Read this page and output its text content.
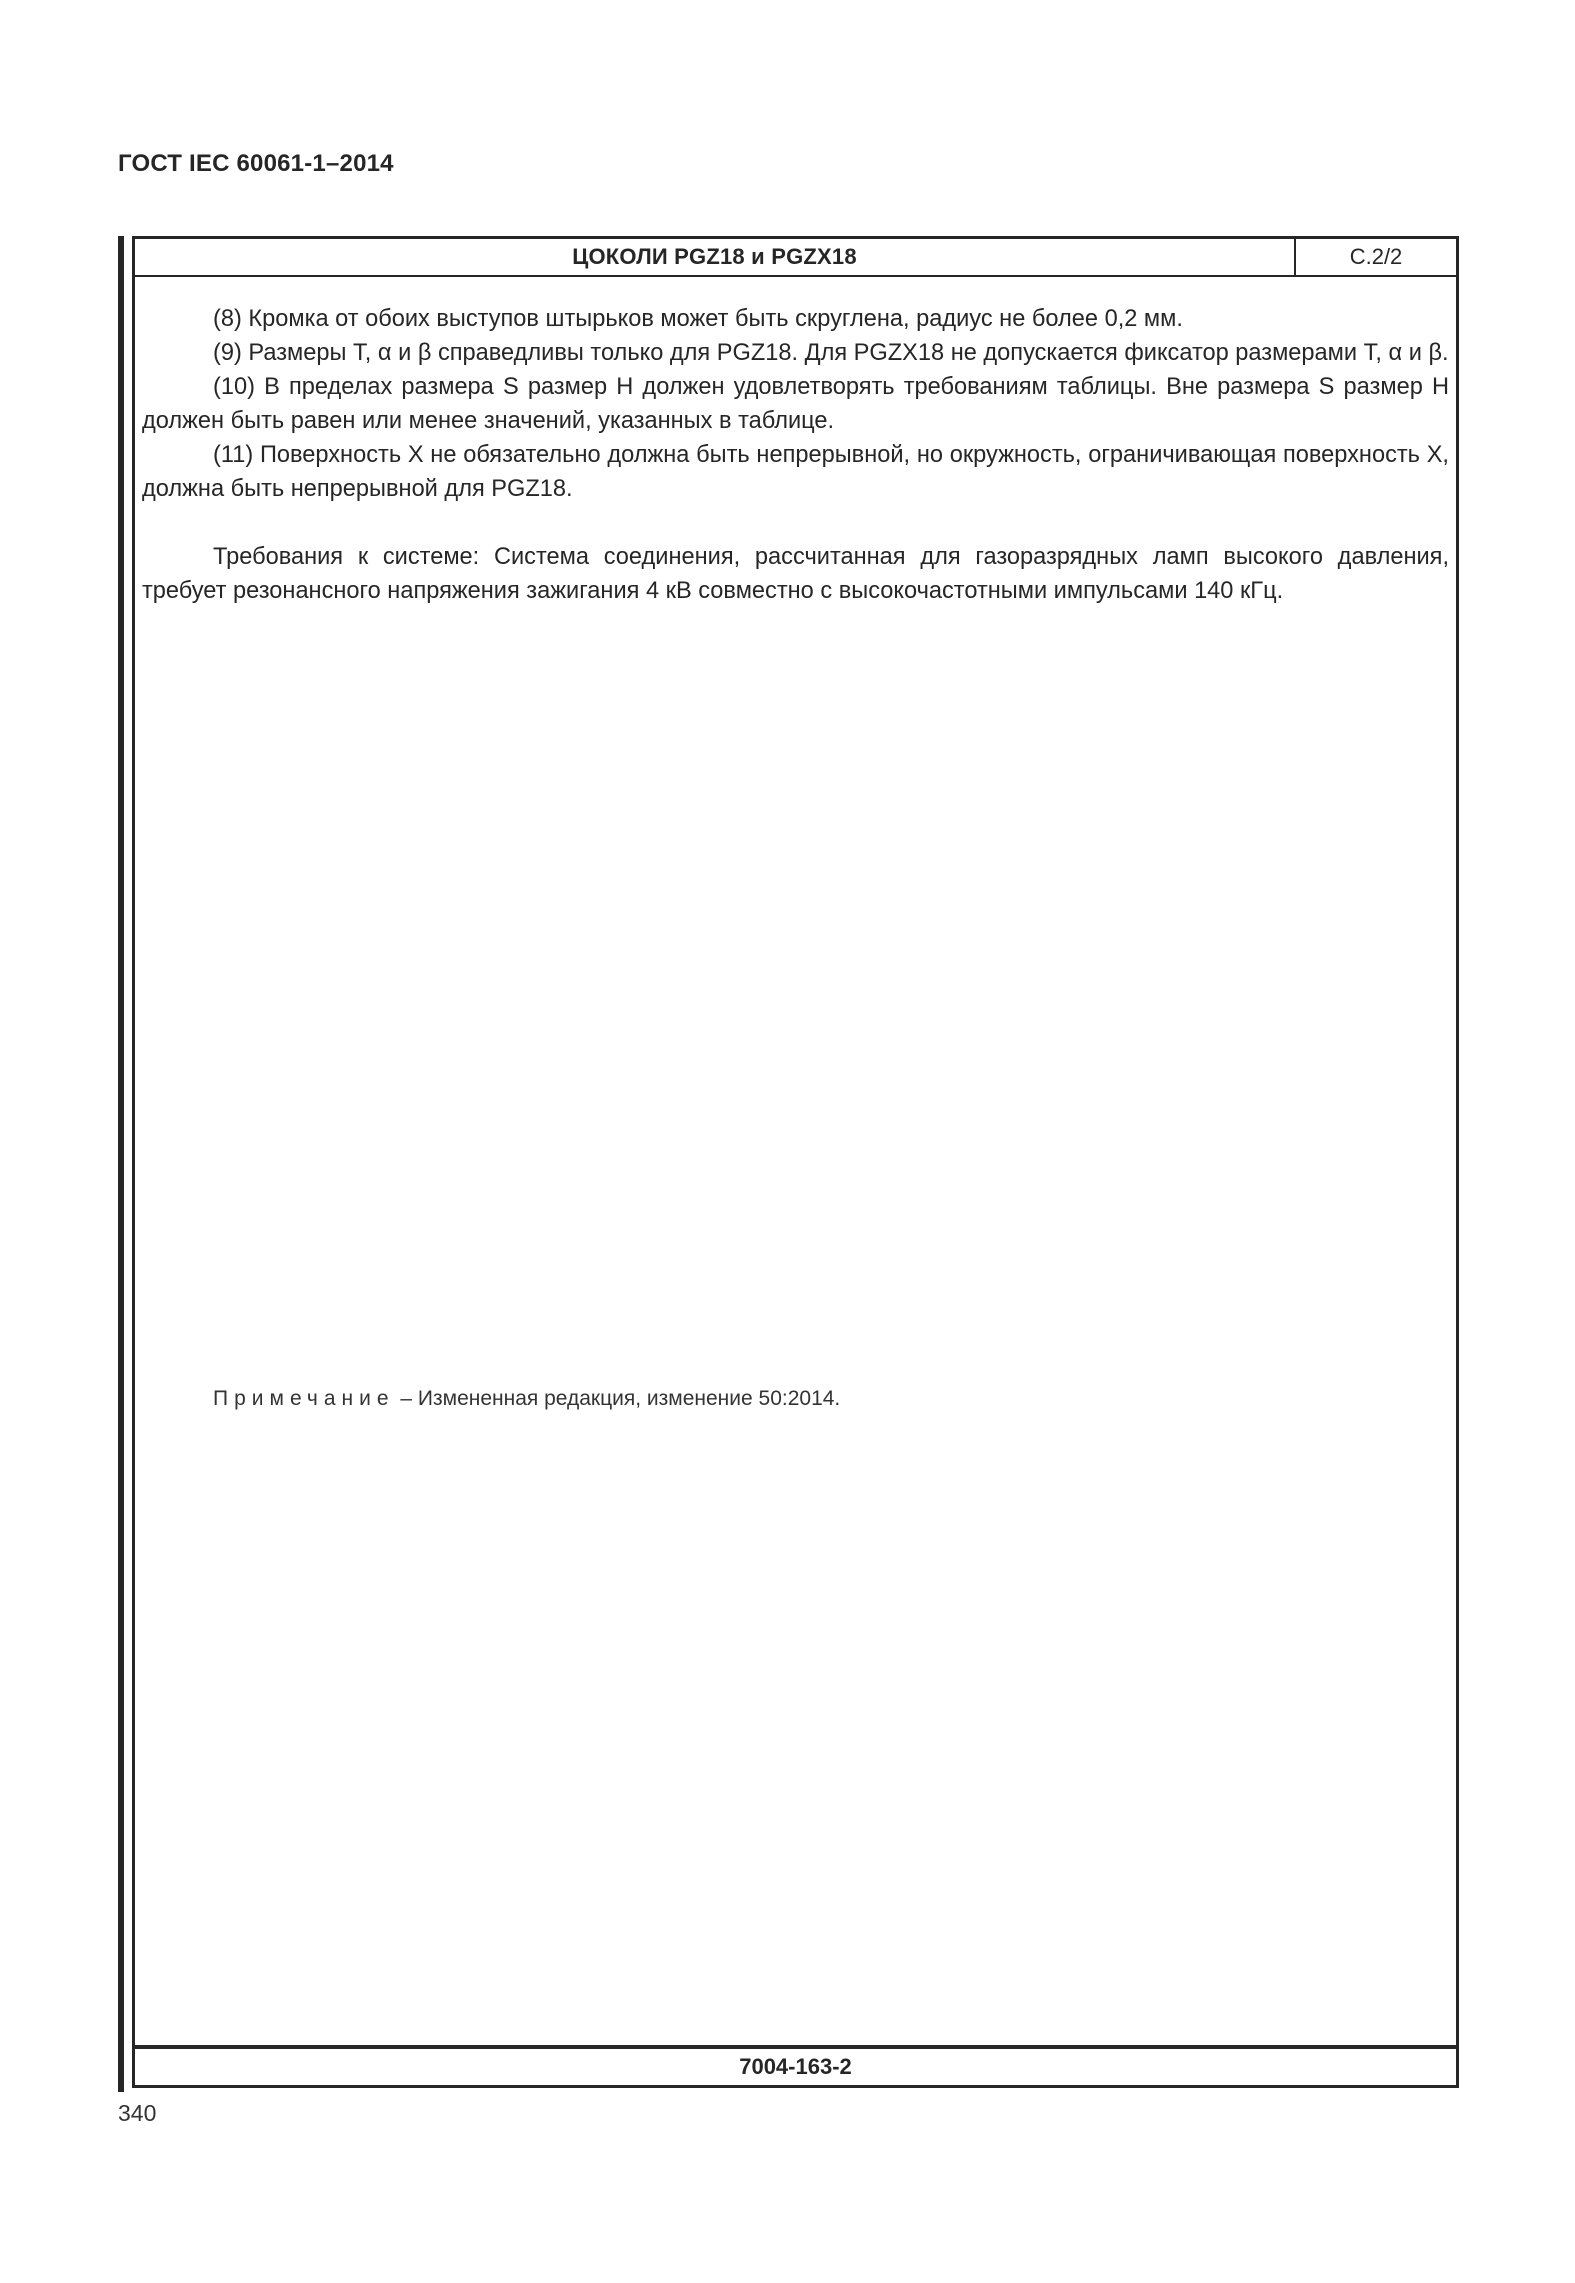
ГОСТ IEC 60061-1–2014
ЦОКОЛИ PGZ18 и PGZX18	С.2/2

(8) Кромка от обоих выступов штырьков может быть скруглена, радиус не более 0,2 мм.

(9) Размеры T, α и β справедливы только для PGZ18. Для PGZX18 не допускается фиксатор размерами T, α и β.

(10) В пределах размера S размер H должен удовлетворять требованиям таблицы. Вне размера S размер H должен быть равен или менее значений, указанных в таблице.

(11) Поверхность X не обязательно должна быть непрерывной, но окружность, ограничивающая поверхность X, должна быть непрерывной для PGZ18.

Требования к системе: Система соединения, рассчитанная для газоразрядных ламп высокого давления, требует резонансного напряжения зажигания 4 кВ совместно с высокочастотными импульсами 140 кГц.

Примечание – Измененная редакция, изменение 50:2014.
7004-163-2
340
